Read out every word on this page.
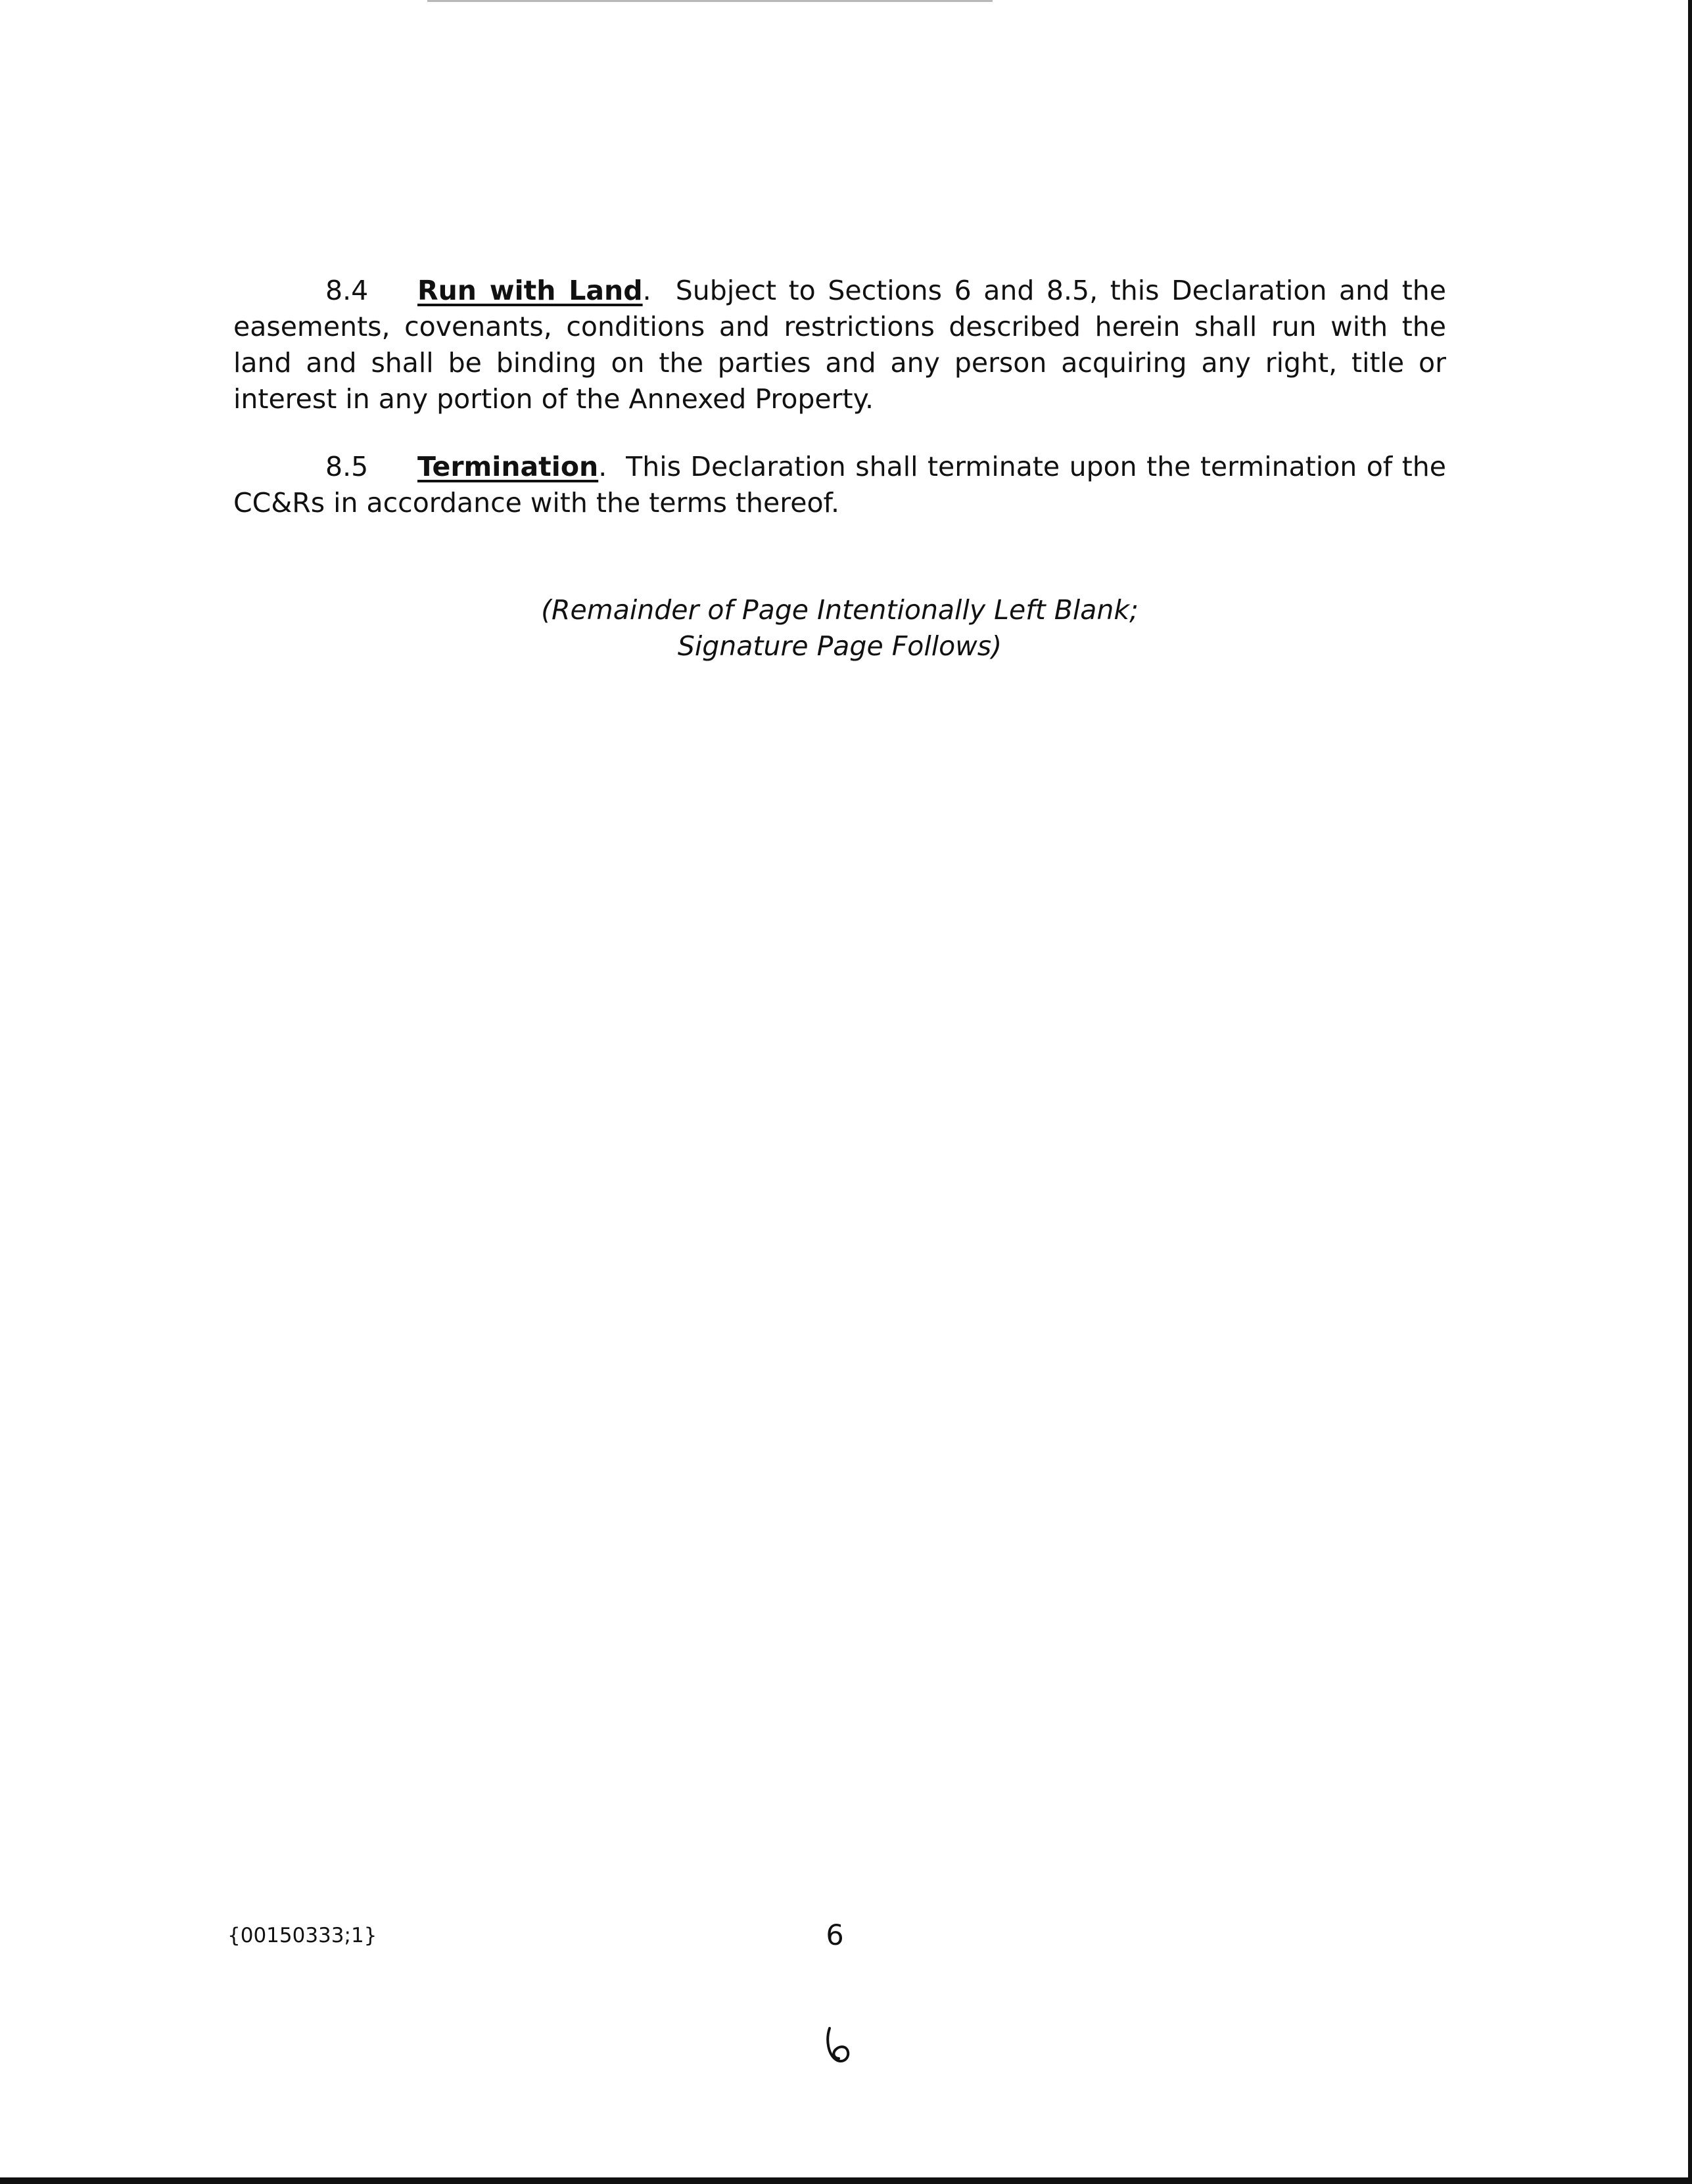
8.4 Run with Land. Subject to Sections 6 and 8.5, this Declaration and the easements, covenants, conditions and restrictions described herein shall run with the land and shall be binding on the parties and any person acquiring any right, title or interest in any portion of the Annexed Property.

8.5 Termination. This Declaration shall terminate upon the termination of the CC&Rs in accordance with the terms thereof.

(Remainder of Page Intentionally Left Blank;
Signature Page Follows)

{00150333;1}	6
